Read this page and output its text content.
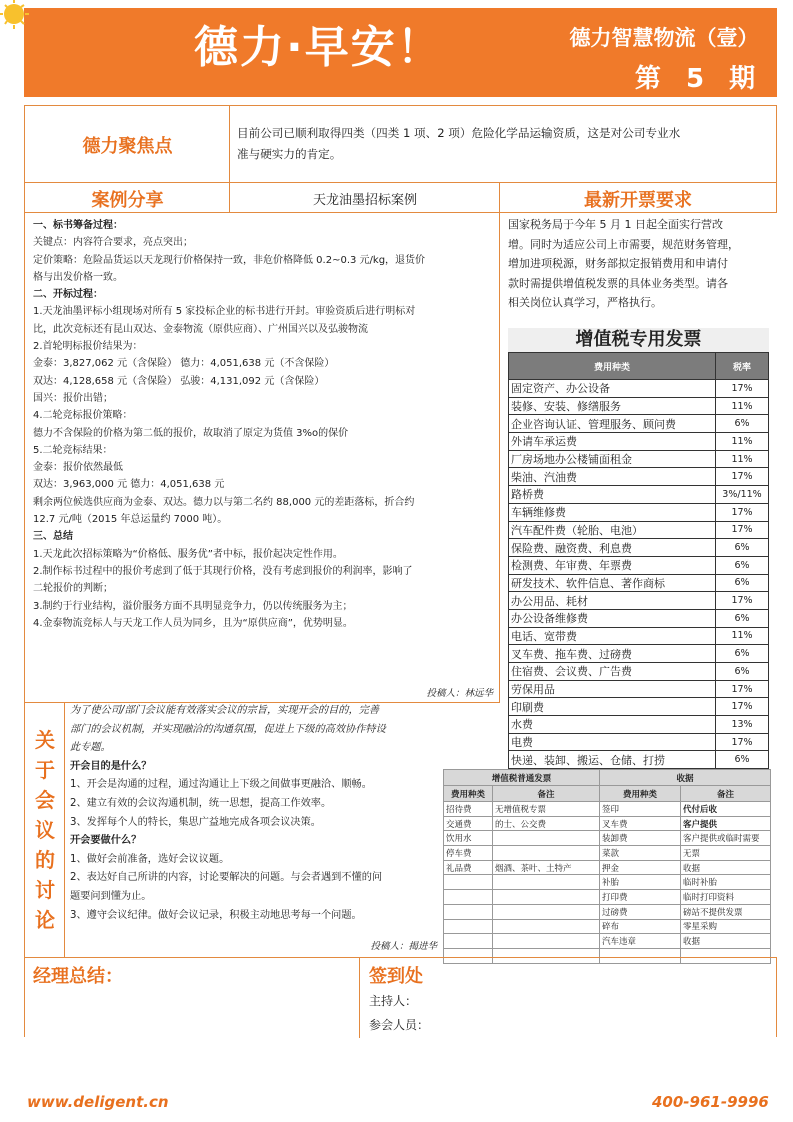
德力·早安！	德力智慧物流（壹）
第 5 期
德力聚焦点

目前公司已顺利取得四类（四类 1 项、2 项）危险化学品运输资质，这是对公司专业水

准与硬实力的肯定。

案例分享	天龙油墨招标案例	最新开票要求

一、标书筹备过程：

关键点：内容符合要求，亮点突出；

定价策略：危险品货运以天龙现行价格保持一致，非危价格降低 0.2~0.3 元/kg，退货价

格与出发价格一致。

二、开标过程：

1.天龙油墨评标小组现场对所有 5 家投标企业的标书进行开封。审验资质后进行明标对

比，此次竞标还有昆山双达、金泰物流（原供应商）、广州国兴以及弘骏物流

2.首轮明标报价结果为：

金泰：3,827,062 元（含保险） 德力：4,051,638 元（不含保险）

双达：4,128,658 元（含保险） 弘骏：4,131,092 元（含保险）

国兴：报价出错；

4.二轮竞标报价策略：

德力不含保险的价格为第二低的报价，故取消了原定为货值 3%o的保价

5.二轮竞标结果：

金泰：报价依然最低

双达：3,963,000 元 德力：4,051,638 元

剩余两位候选供应商为金泰、双达。德力以与第二名约 88,000 元的差距落标，折合约

12.7 元/吨（2015 年总运量约 7000 吨）。

三、总结

1.天龙此次招标策略为“价格低、服务优”者中标，报价起决定性作用。

2.制作标书过程中的报价考虑到了低于其现行价格，没有考虑到报价的利润率，影响了

二轮报价的判断；

3.制约于行业结构，溢价服务方面不具明显竞争力，仍以传统服务为主；

4.金泰物流竞标人与天龙工作人员为同乡，且为“原供应商”，优势明显。

投稿人：林远华

国家税务局于今年 5 月 1 日起全面实行营改

增。同时为适应公司上市需要，规范财务管理，

增加进项税源，财务部拟定报销费用和申请付

款时需提供增值税发票的具体业务类型。请各

相关岗位认真学习，严格执行。

增值税专用发票
费用种类	税率
固定资产、办公设备	17%
装修、安装、修缮服务	11%
企业咨询认证、管理服务、顾问费	6%
外请车承运费	11%
厂房场地办公楼铺面租金	11%
柴油、汽油费	17%
路桥费	3%/11%
车辆维修费	17%
汽车配件费（轮胎、电池）	17%
保险费、融资费、利息费	6%
检测费、年审费、年票费	6%
研发技术、软件信息、著作商标	6%
办公用品、耗材	17%
办公设备维修费	6%
电话、宽带费	11%
叉车费、拖车费、过磅费	6%
住宿费、会议费、广告费	6%
劳保用品	17%
印刷费	17%
水费	13%
电费	17%
快递、装卸、搬运、仓储、打捞	6%
增值税普通发票		收据	
费用种类	备注	费用种类	备注
招待费	无增值税专票	签印	代付后收
交通费	的士、公交费	叉车费	客户提供
饮用水		装卸费	客户提供或临时需要
停车费		菜款	无票
礼品费	烟酒、茶叶、土特产	押金	收据
		补胎	临时补胎
		打印费	临时打印资料
		过磅费	磅站不提供发票
		碎布	零星采购
		汽车违章	收据

关
于
会
议
的
讨
论

为了使公司/部门会议能有效落实会议的宗旨，实现开会的目的，完善

部门的会议机制，并实现融洽的沟通氛围，促进上下级的高效协作特设

此专题。

开会目的是什么？

1、开会是沟通的过程，通过沟通让上下级之间做事更融洽、顺畅。

2、建立有效的会议沟通机制，统一思想，提高工作效率。

3、发挥每个人的特长，集思广益地完成各项会议决策。

开会要做什么？

1、做好会前准备，选好会议议题。

2、表达好自己所讲的内容，讨论要解决的问题。与会者遇到不懂的问

题要问到懂为止。

3、遵守会议纪律。做好会议记录，积极主动地思考每一个问题。

投稿人：揭进华
经理总结：	签到处
主持人：
参会人员：
www.deligent.cn	400-961-9996
